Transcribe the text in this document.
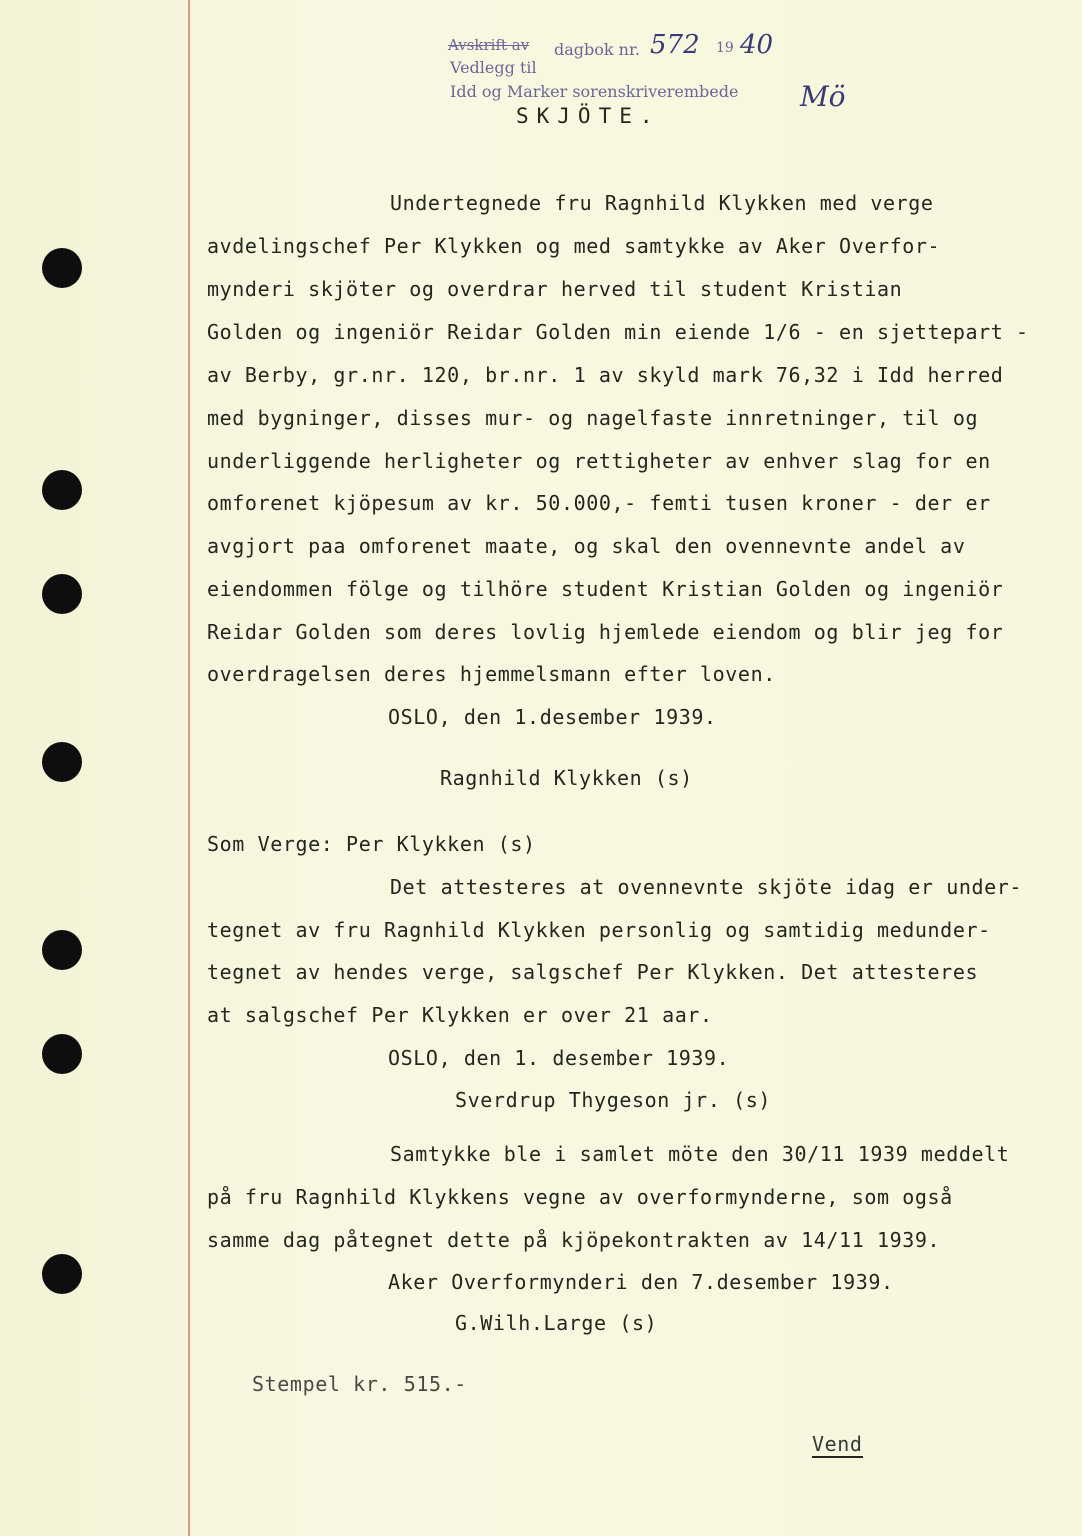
Avskrift av dagbok nr. 572 19 40
Vedlegg til
Idd og Marker sorenskriverembede Mö
SKJÖTE.
Undertegnede fru Ragnhild Klykken med verge
avdelingschef Per Klykken og med samtykke av Aker Overfor-
mynderi skjöter og overdrar herved til student Kristian
Golden og ingeniör Reidar Golden min eiende 1/6 - en sjettepart -
av Berby, gr.nr. 120, br.nr. 1 av skyld mark 76,32 i Idd herred
med bygninger, disses mur- og nagelfaste innretninger, til og
underliggende herligheter og rettigheter av enhver slag for en
omforenet kjöpesum av kr. 50.000,- femti tusen kroner - der er
avgjort paa omforenet maate, og skal den ovennevnte andel av
eiendommen fölge og tilhöre student Kristian Golden og ingeniör
Reidar Golden som deres lovlig hjemlede eiendom og blir jeg for
overdragelsen deres hjemmelsmann efter loven.
OSLO, den 1.desember 1939.
Ragnhild Klykken (s)
Som Verge: Per Klykken (s)
Det attesteres at ovennevnte skjöte idag er under-
tegnet av fru Ragnhild Klykken personlig og samtidig medunder-
tegnet av hendes verge, salgschef Per Klykken. Det attesteres
at salgschef Per Klykken er over 21 aar.
OSLO, den 1. desember 1939.
Sverdrup Thygeson jr. (s)
Samtykke ble i samlet möte den 30/11 1939 meddelt
på fru Ragnhild Klykkens vegne av overformynderne, som også
samme dag påtegnet dette på kjöpekontrakten av 14/11 1939.
Aker Overformynderi den 7.desember 1939.
G.Wilh.Large (s)
Stempel kr. 515.-
Vend
